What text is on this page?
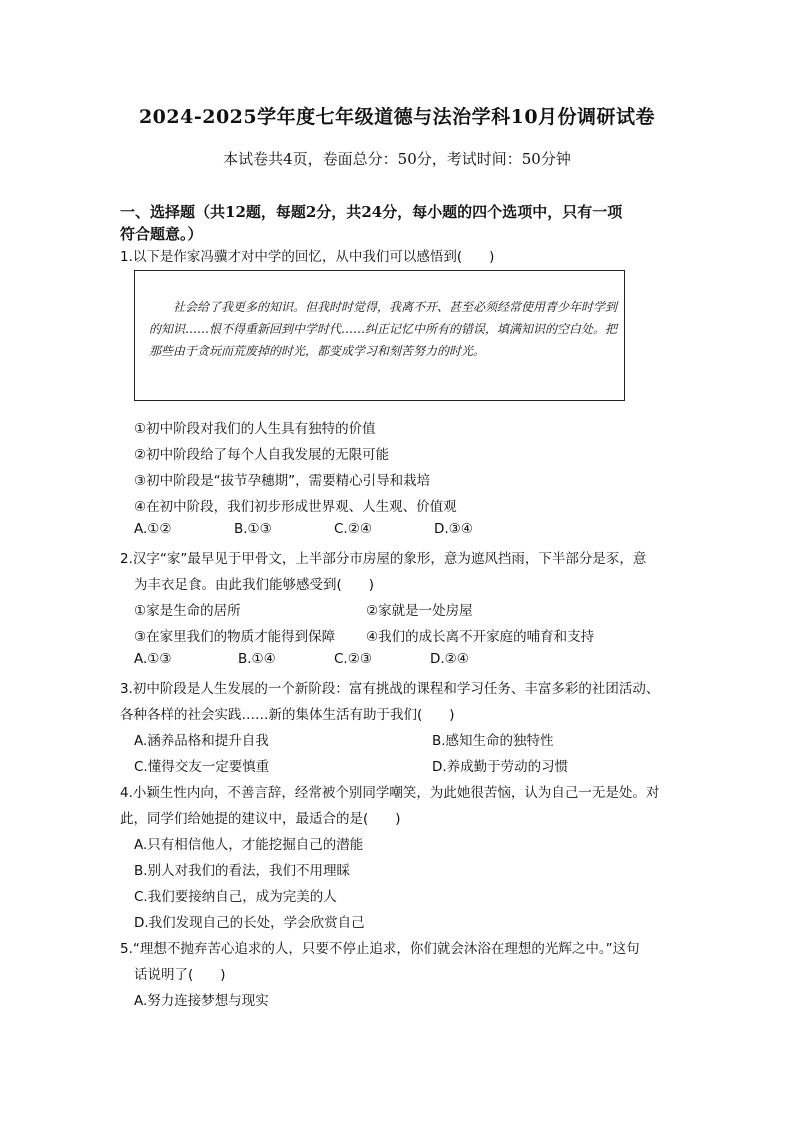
2024-2025学年度七年级道德与法治学科10月份调研试卷
本试卷共4页，卷面总分：50分，考试时间：50分钟
一、选择题（共12题，每题2分，共24分，每小题的四个选项中，只有一项
符合题意。）
1.以下是作家冯骥才对中学的回忆，从中我们可以感悟到(　　)
社会给了我更多的知识。但我时时觉得，我离不开、甚至必须经常使用青少年时学到的知识……恨不得重新回到中学时代……纠正记忆中所有的错误，填满知识的空白处。把那些由于贪玩而荒废掉的时光，都变成学习和刻苦努力的时光。
①初中阶段对我们的人生具有独特的价值
②初中阶段给了每个人自我发展的无限可能
③初中阶段是“拔节孕穗期”，需要精心引导和栽培
④在初中阶段，我们初步形成世界观、人生观、价值观
A.①②	B.①③	C.②④	D.③④
2.汉字“家”最早见于甲骨文，上半部分市房屋的象形，意为遮风挡雨，下半部分是豕，意
为丰衣足食。由此我们能够感受到(　　)
①家是生命的居所	②家就是一处房屋
③在家里我们的物质才能得到保障 ④我们的成长离不开家庭的哺育和支持
A.①③	B.①④	C.②③	D.②④
3.初中阶段是人生发展的一个新阶段：富有挑战的课程和学习任务、丰富多彩的社团活动、
各种各样的社会实践……新的集体生活有助于我们(　　)
A.涵养品格和提升自我	B.感知生命的独特性
C.懂得交友一定要慎重	D.养成勤于劳动的习惯
4.小颖生性内向，不善言辞，经常被个别同学嘲笑，为此她很苦恼，认为自己一无是处。对
此，同学们给她提的建议中，最适合的是(　　)
A.只有相信他人，才能挖掘自己的潜能
B.别人对我们的看法，我们不用理睬
C.我们要接纳自己，成为完美的人
D.我们发现自己的长处，学会欣赏自己
5.“理想不抛弃苦心追求的人，只要不停止追求，你们就会沐浴在理想的光辉之中。”这句
话说明了(　　)
A.努力连接梦想与现实
